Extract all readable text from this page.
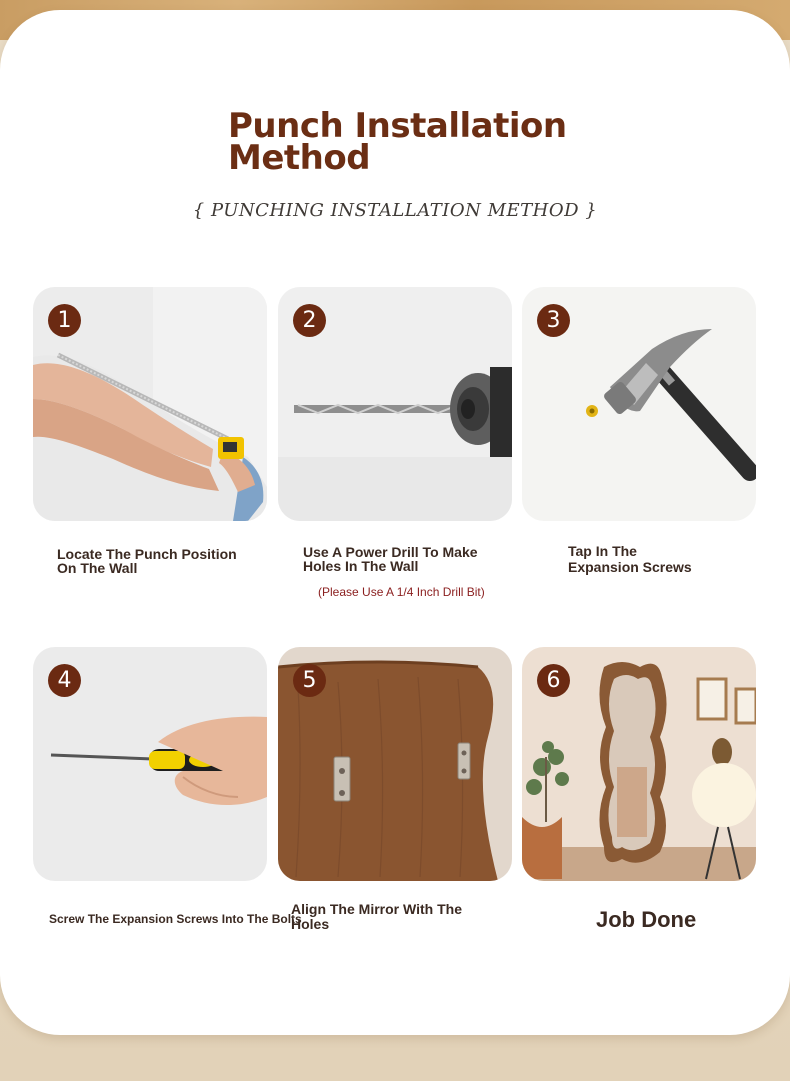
Punch Installation
Method
{ PUNCHING INSTALLATION METHOD }
1	2	3
4	5	6
Locate The Punch Position
On The Wall
Use A Power Drill To Make
Holes In The Wall
(Please Use A 1/4 Inch Drill Bit)
Tap In The
Expansion Screws
Screw The Expansion Screws Into The Bolts
Align The Mirror With The
Holes	Job Done
